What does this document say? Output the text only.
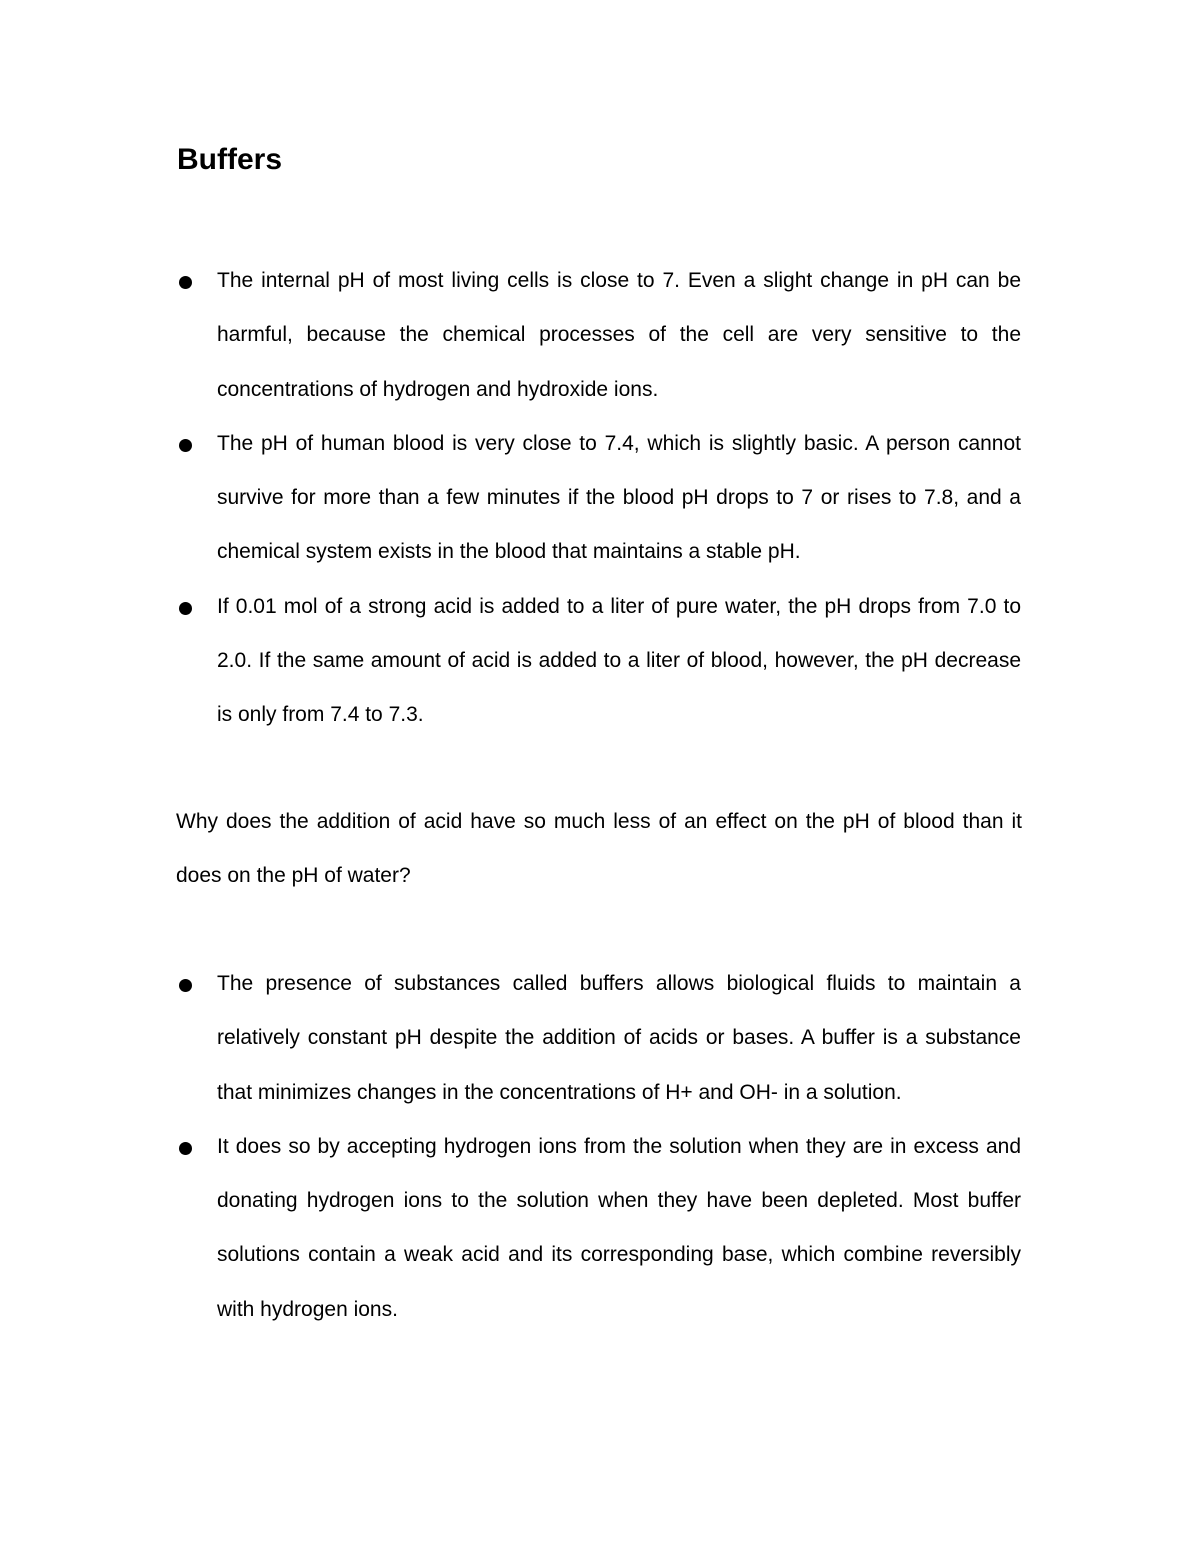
Buffers
The internal pH of most living cells is close to 7. Even a slight change in pH can be harmful, because the chemical processes of the cell are very sensitive to the concentrations of hydrogen and hydroxide ions.
The pH of human blood is very close to 7.4, which is slightly basic. A person cannot survive for more than a few minutes if the blood pH drops to 7 or rises to 7.8, and a chemical system exists in the blood that maintains a stable pH.
If 0.01 mol of a strong acid is added to a liter of pure water, the pH drops from 7.0 to 2.0. If the same amount of acid is added to a liter of blood, however, the pH decrease is only from 7.4 to 7.3.

Why does the addition of acid have so much less of an effect on the pH of blood than it does on the pH of water?

The presence of substances called buffers allows biological fluids to maintain a relatively constant pH despite the addition of acids or bases. A buffer is a substance that minimizes changes in the concentrations of H+ and OH- in a solution.
It does so by accepting hydrogen ions from the solution when they are in excess and donating hydrogen ions to the solution when they have been depleted. Most buffer solutions contain a weak acid and its corresponding base, which combine reversibly with hydrogen ions.
